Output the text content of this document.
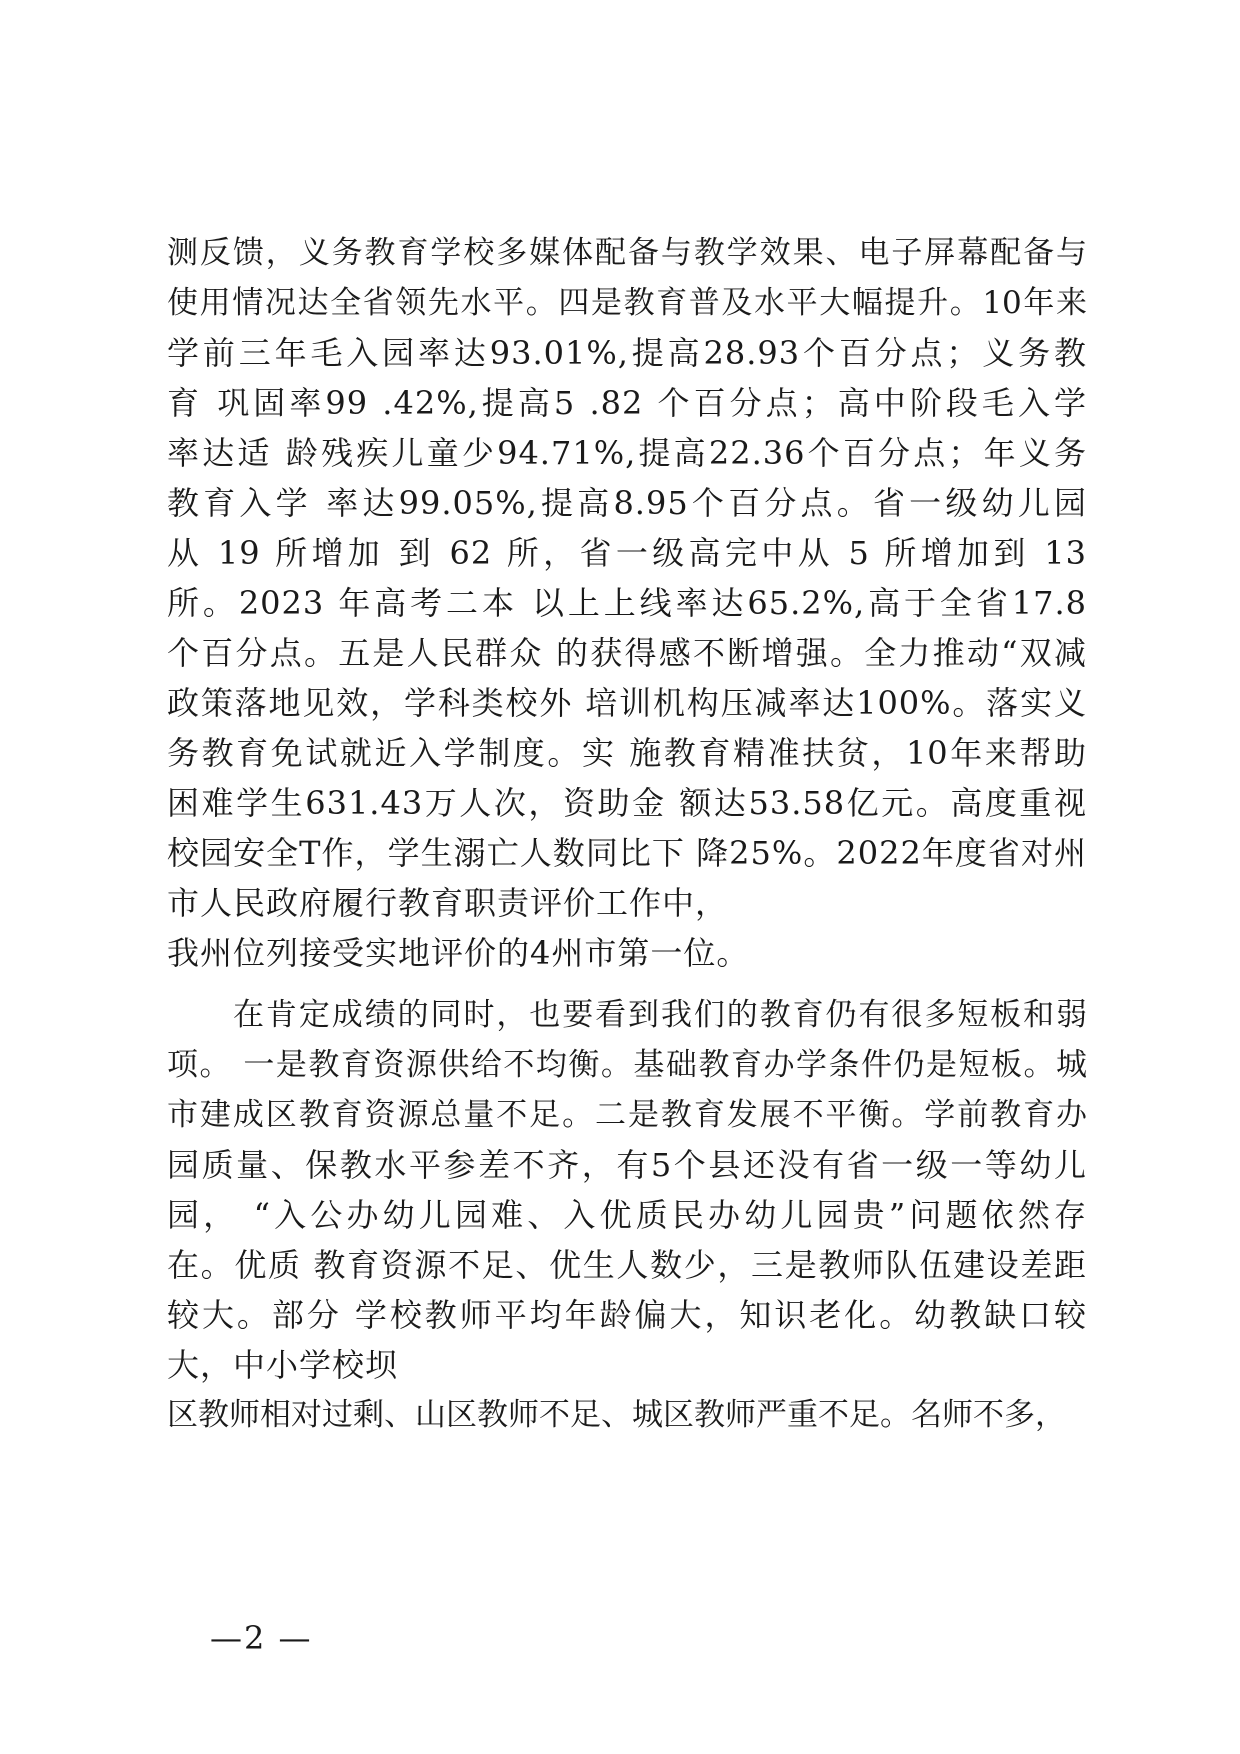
测反馈，义务教育学校多媒体配备与教学效果、电子屏幕配备与
使用情况达全省领先水平。四是教育普及水平大幅提升。10年来
学前三年毛入园率达93.01%,提高28.93个百分点；义务教
育 巩固率99 .42%,提高5 .82 个百分点；高中阶段毛入学
率达适 龄残疾儿童少94.71%,提高22.36个百分点；年义务
教育入学 率达99.05%,提高8.95个百分点。省一级幼儿园
从 19 所增加 到 62 所，省一级高完中从 5 所增加到 13
所。2023 年高考二本 以上上线率达65.2%,高于全省17.8
个百分点。五是人民群众 的获得感不断增强。全力推动“双减
政策落地见效，学科类校外 培训机构压减率达100%。落实义
务教育免试就近入学制度。实 施教育精准扶贫，10年来帮助
困难学生631.43万人次，资助金 额达53.58亿元。高度重视
校园安全T作，学生溺亡人数同比下 降25%。2022年度省对州
市人民政府履行教育职责评价工作中，
我州位列接受实地评价的4州市第一位。
在肯定成绩的同时，也要看到我们的教育仍有很多短板和弱
项。 一是教育资源供给不均衡。基础教育办学条件仍是短板。城
市建成区教育资源总量不足。二是教育发展不平衡。学前教育办
园质量、保教水平参差不齐，有5个县还没有省一级一等幼儿
园， “入公办幼儿园难、入优质民办幼儿园贵”问题依然存
在。优质 教育资源不足、优生人数少，三是教师队伍建设差距
较大。部分 学校教师平均年龄偏大，知识老化。幼教缺口较
大，中小学校坝
区教师相对过剩、山区教师不足、城区教师严重不足。名师不多，
—2 —
